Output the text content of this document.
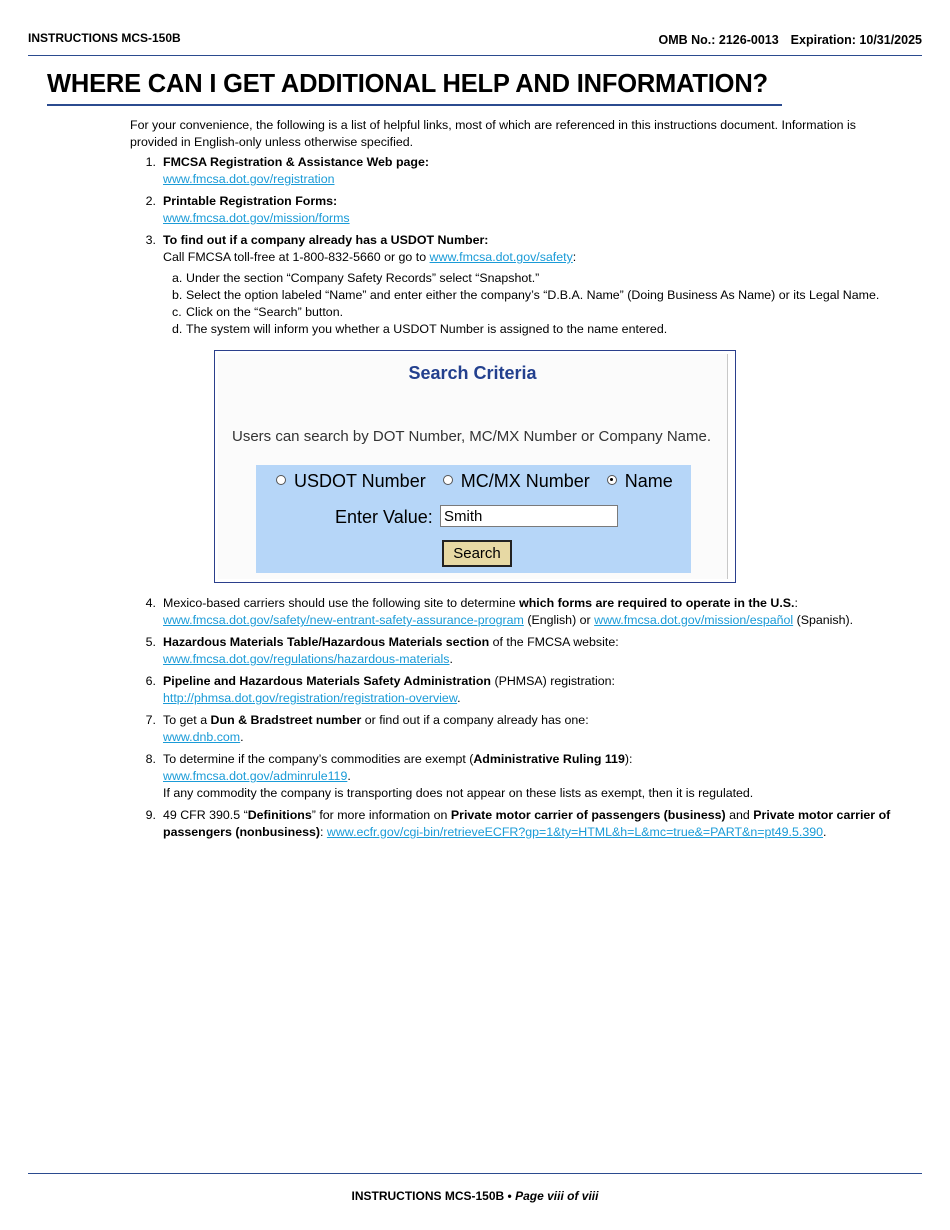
INSTRUCTIONS MCS-150B	OMB No.: 2126-0013 Expiration: 10/31/2025
WHERE CAN I GET ADDITIONAL HELP AND INFORMATION?

For your convenience, the following is a list of helpful links, most of which are referenced in this instructions document. Information is provided in English-only unless otherwise specified.

1. FMCSA Registration & Assistance Web page:
www.fmcsa.dot.gov/registration
2. Printable Registration Forms:
www.fmcsa.dot.gov/mission/forms
3. To find out if a company already has a USDOT Number:
Call FMCSA toll-free at 1-800-832-5660 or go to www.fmcsa.dot.gov/safety:
a. Under the section “Company Safety Records” select “Snapshot.”
b. Select the option labeled “Name” and enter either the company’s “D.B.A. Name” (Doing Business As Name) or its Legal Name.
c. Click on the “Search” button.
d. The system will inform you whether a USDOT Number is assigned to the name entered.
Search Criteria
Users can search by DOT Number, MC/MX Number or Company Name.
USDOT Number MC/MX Number Name
Enter Value: Smith
Search
4. Mexico-based carriers should use the following site to determine which forms are required to operate in the U.S.: www.fmcsa.dot.gov/safety/new-entrant-safety-assurance-program (English) or www.fmcsa.dot.gov/mission/español (Spanish).
5. Hazardous Materials Table/Hazardous Materials section of the FMCSA website:
www.fmcsa.dot.gov/regulations/hazardous-materials.
6. Pipeline and Hazardous Materials Safety Administration (PHMSA) registration:
http://phmsa.dot.gov/registration/registration-overview.
7. To get a Dun & Bradstreet number or find out if a company already has one:
www.dnb.com.
8. To determine if the company’s commodities are exempt (Administrative Ruling 119):
www.fmcsa.dot.gov/adminrule119.
If any commodity the company is transporting does not appear on these lists as exempt, then it is regulated.
9. 49 CFR 390.5 “Definitions” for more information on Private motor carrier of passengers (business) and Private motor carrier of passengers (nonbusiness): www.ecfr.gov/cgi-bin/retrieveECFR?gp=1&ty=HTML&h=L&mc=true&=PART&n=pt49.5.390.
INSTRUCTIONS MCS-150B • Page viii of viii
